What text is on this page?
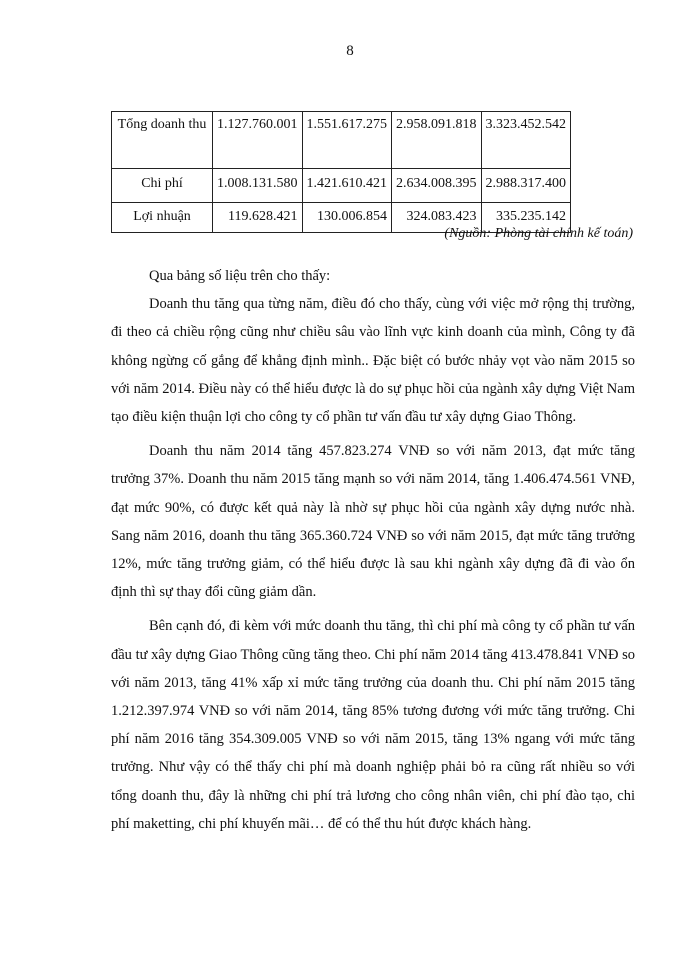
8
Tổng doanh thu	1.127.760.001	1.551.617.275	2.958.091.818	3.323.452.542
Chi phí	1.008.131.580	1.421.610.421	2.634.008.395	2.988.317.400
Lợi nhuận	119.628.421	130.006.854	324.083.423	335.235.142
(Nguồn: Phòng tài chính kế toán)

Qua bảng số liệu trên cho thấy:

Doanh thu tăng qua từng năm, điều đó cho thấy, cùng với việc mở rộng thị trường, đi theo cả chiều rộng cũng như chiều sâu vào lĩnh vực kinh doanh của mình, Công ty đã không ngừng cố gắng để khẳng định mình.. Đặc biệt có bước nhảy vọt vào năm 2015 so với năm 2014. Điều này có thể hiểu được là do sự phục hồi của ngành xây dựng Việt Nam tạo điều kiện thuận lợi cho công ty cổ phần tư vấn đầu tư xây dựng Giao Thông.

Doanh thu năm 2014 tăng 457.823.274 VNĐ so với năm 2013, đạt mức tăng trưởng 37%. Doanh thu năm 2015 tăng mạnh so với năm 2014, tăng 1.406.474.561 VNĐ, đạt mức 90%, có được kết quả này là nhờ sự phục hồi của ngành xây dựng nước nhà. Sang năm 2016, doanh thu tăng 365.360.724 VNĐ so với năm 2015, đạt mức tăng trưởng 12%, mức tăng trưởng giảm, có thể hiểu được là sau khi ngành xây dựng đã đi vào ổn định thì sự thay đổi cũng giảm dần.

Bên cạnh đó, đi kèm với mức doanh thu tăng, thì chi phí mà công ty cổ phần tư vấn đầu tư xây dựng Giao Thông cũng tăng theo. Chi phí năm 2014 tăng 413.478.841 VNĐ so với năm 2013, tăng 41% xấp xỉ mức tăng trưởng của doanh thu. Chi phí năm 2015 tăng 1.212.397.974 VNĐ so với năm 2014, tăng 85% tương đương với mức tăng trưởng. Chi phí năm 2016 tăng 354.309.005 VNĐ so với năm 2015, tăng 13% ngang với mức tăng trưởng. Như vậy có thể thấy chi phí mà doanh nghiệp phải bỏ ra cũng rất nhiều so với tổng doanh thu, đây là những chi phí trả lương cho công nhân viên, chi phí đào tạo, chi phí maketting, chi phí khuyến mãi… để có thể thu hút được khách hàng.
